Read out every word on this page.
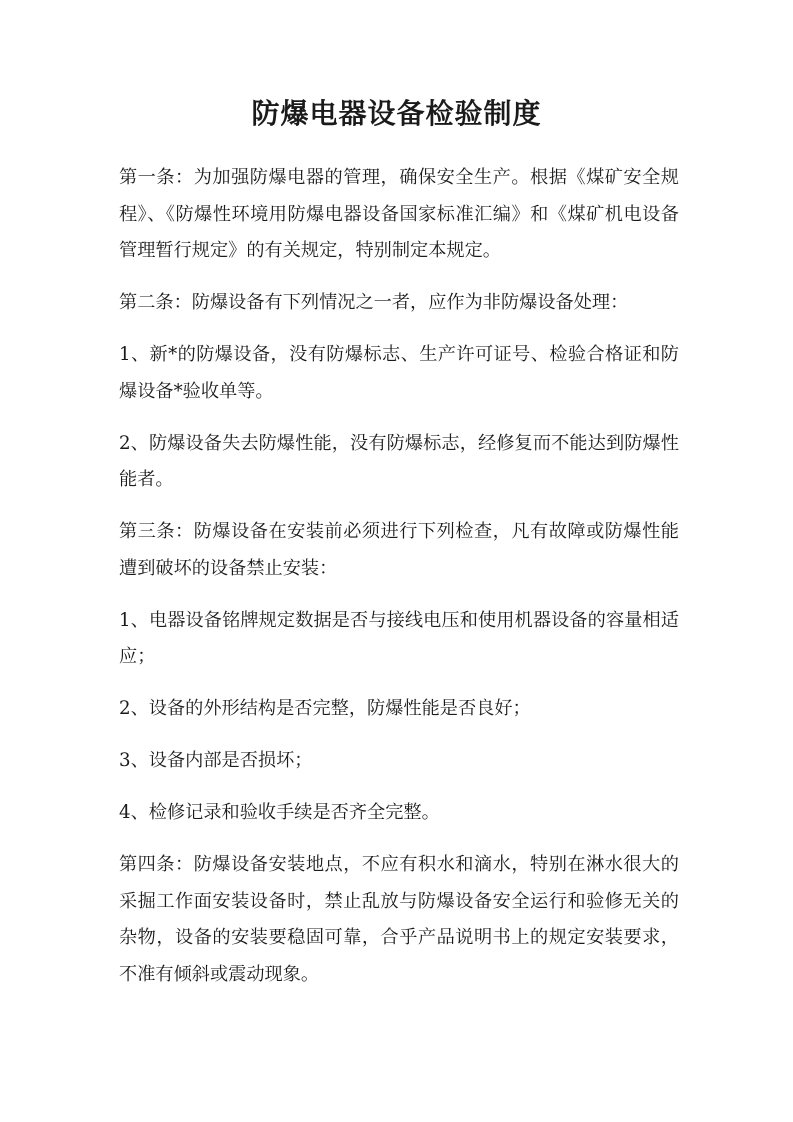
防爆电器设备检验制度

第一条：为加强防爆电器的管理，确保安全生产。根据《煤矿安全规程》、《防爆性环境用防爆电器设备国家标准汇编》和《煤矿机电设备管理暂行规定》的有关规定，特别制定本规定。

第二条：防爆设备有下列情况之一者，应作为非防爆设备处理：

1、新*的防爆设备，没有防爆标志、生产许可证号、检验合格证和防爆设备*验收单等。

2、防爆设备失去防爆性能，没有防爆标志，经修复而不能达到防爆性能者。

第三条：防爆设备在安装前必须进行下列检查，凡有故障或防爆性能遭到破坏的设备禁止安装：

1、电器设备铭牌规定数据是否与接线电压和使用机器设备的容量相适应；

2、设备的外形结构是否完整，防爆性能是否良好；

3、设备内部是否损坏；

4、检修记录和验收手续是否齐全完整。

第四条：防爆设备安装地点，不应有积水和滴水，特别在淋水很大的采掘工作面安装设备时，禁止乱放与防爆设备安全运行和验修无关的杂物，设备的安装要稳固可靠，合乎产品说明书上的规定安装要求，不准有倾斜或震动现象。
